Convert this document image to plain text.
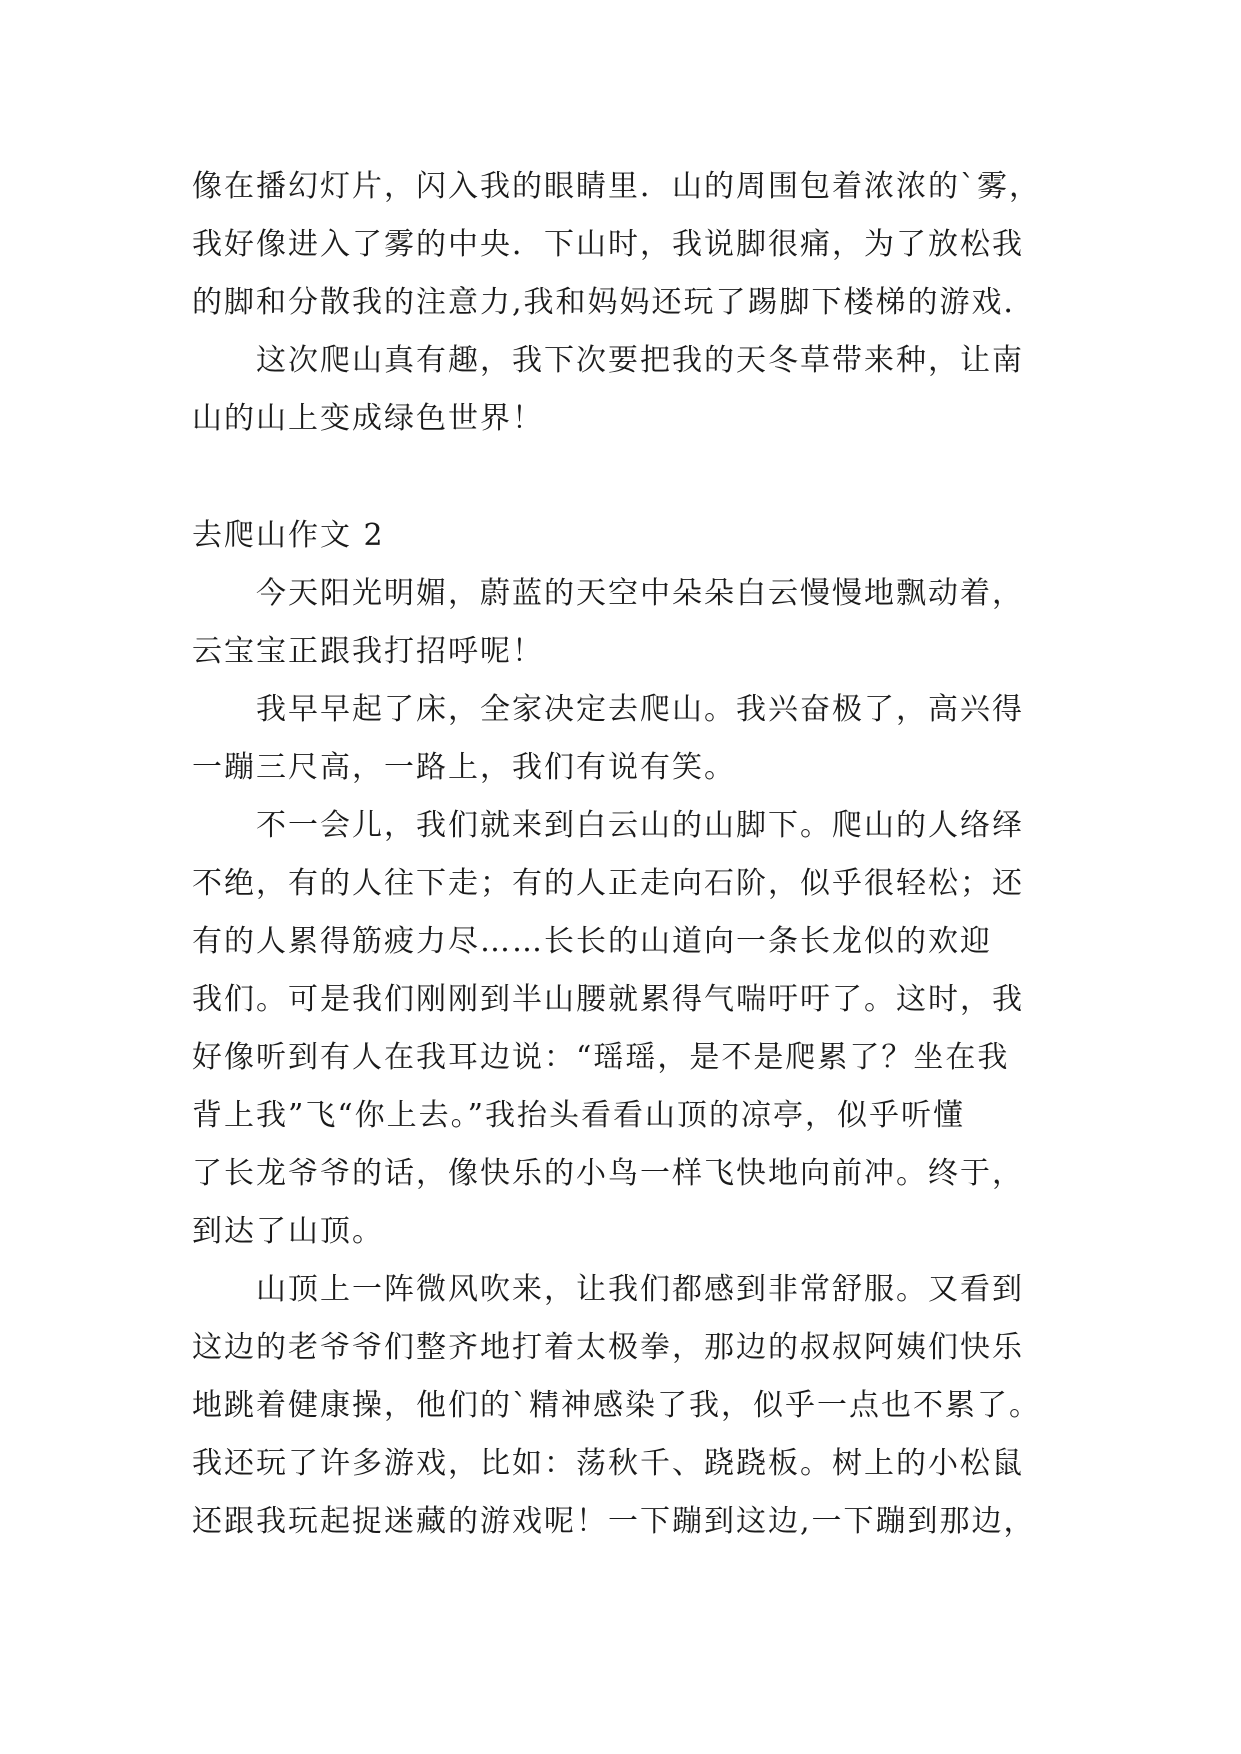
像在播幻灯片，闪入我的眼睛里．山的周围包着浓浓的`雾，
我好像进入了雾的中央．下山时，我说脚很痛，为了放松我
的脚和分散我的注意力,我和妈妈还玩了踢脚下楼梯的游戏．
这次爬山真有趣，我下次要把我的天冬草带来种，让南
山的山上变成绿色世界！
去爬山作文 2
今天阳光明媚，蔚蓝的天空中朵朵白云慢慢地飘动着，
云宝宝正跟我打招呼呢！
我早早起了床，全家决定去爬山。我兴奋极了，高兴得
一蹦三尺高，一路上，我们有说有笑。
不一会儿，我们就来到白云山的山脚下。爬山的人络绎
不绝，有的人往下走；有的人正走向石阶，似乎很轻松；还
有的人累得筋疲力尽……长长的山道向一条长龙似的欢迎
我们。可是我们刚刚到半山腰就累得气喘吁吁了。这时，我
好像听到有人在我耳边说：“瑶瑶，是不是爬累了？坐在我
背上我”飞“你上去。”我抬头看看山顶的凉亭，似乎听懂
了长龙爷爷的话，像快乐的小鸟一样飞快地向前冲。终于，
到达了山顶。
山顶上一阵微风吹来，让我们都感到非常舒服。又看到
这边的老爷爷们整齐地打着太极拳，那边的叔叔阿姨们快乐
地跳着健康操，他们的`精神感染了我，似乎一点也不累了。
我还玩了许多游戏，比如：荡秋千、跷跷板。树上的小松鼠
还跟我玩起捉迷藏的游戏呢！一下蹦到这边,一下蹦到那边，
